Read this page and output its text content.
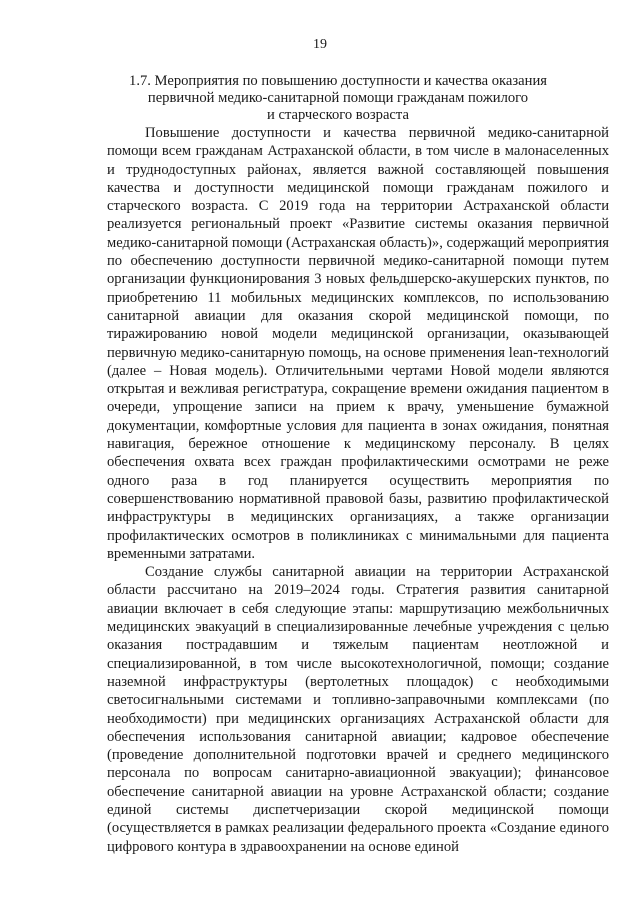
19
1.7. Мероприятия по повышению доступности и качества оказания
первичной медико-санитарной помощи гражданам пожилого
и старческого возраста

Повышение доступности и качества первичной медико-санитарной помощи всем гражданам Астраханской области, в том числе в малонаселенных и труднодоступных районах, является важной составляющей повышения качества и доступности медицинской помощи гражданам пожилого и старческого возраста. С 2019 года на территории Астраханской области реализуется региональный проект «Развитие системы оказания первичной медико-санитарной помощи (Астраханская область)», содержащий мероприятия по обеспечению доступности первичной медико-санитарной помощи путем организации функционирования 3 новых фельдшерско-акушерских пунктов, по приобретению 11 мобильных медицинских комплексов, по использованию санитарной авиации для оказания скорой медицинской помощи, по тиражированию новой модели медицинской организации, оказывающей первичную медико-санитарную помощь, на основе применения lean-технологий (далее – Новая модель). Отличительными чертами Новой модели являются открытая и вежливая регистратура, сокращение времени ожидания пациентом в очереди, упрощение записи на прием к врачу, уменьшение бумажной документации, комфортные условия для пациента в зонах ожидания, понятная навигация, бережное отношение к медицинскому персоналу. В целях обеспечения охвата всех граждан профилактическими осмотрами не реже одного раза в год планируется осуществить мероприятия по совершенствованию нормативной правовой базы, развитию профилактической инфраструктуры в медицинских организациях, а также организации профилактических осмотров в поликлиниках с минимальными для пациента временными затратами.

Создание службы санитарной авиации на территории Астраханской области рассчитано на 2019–2024 годы. Стратегия развития санитарной авиации включает в себя следующие этапы: маршрутизацию межбольничных медицинских эвакуаций в специализированные лечебные учреждения с целью оказания пострадавшим и тяжелым пациентам неотложной и специализированной, в том числе высокотехнологичной, помощи; создание наземной инфраструктуры (вертолетных площадок) с необходимыми светосигнальными системами и топливно-заправочными комплексами (по необходимости) при медицинских организациях Астраханской области для обеспечения использования санитарной авиации; кадровое обеспечение (проведение дополнительной подготовки врачей и среднего медицинского персонала по вопросам санитарно-авиационной эвакуации); финансовое обеспечение санитарной авиации на уровне Астраханской области; создание единой системы диспетчеризации скорой медицинской помощи (осуществляется в рамках реализации федерального проекта «Создание единого цифрового контура в здравоохранении на основе единой
